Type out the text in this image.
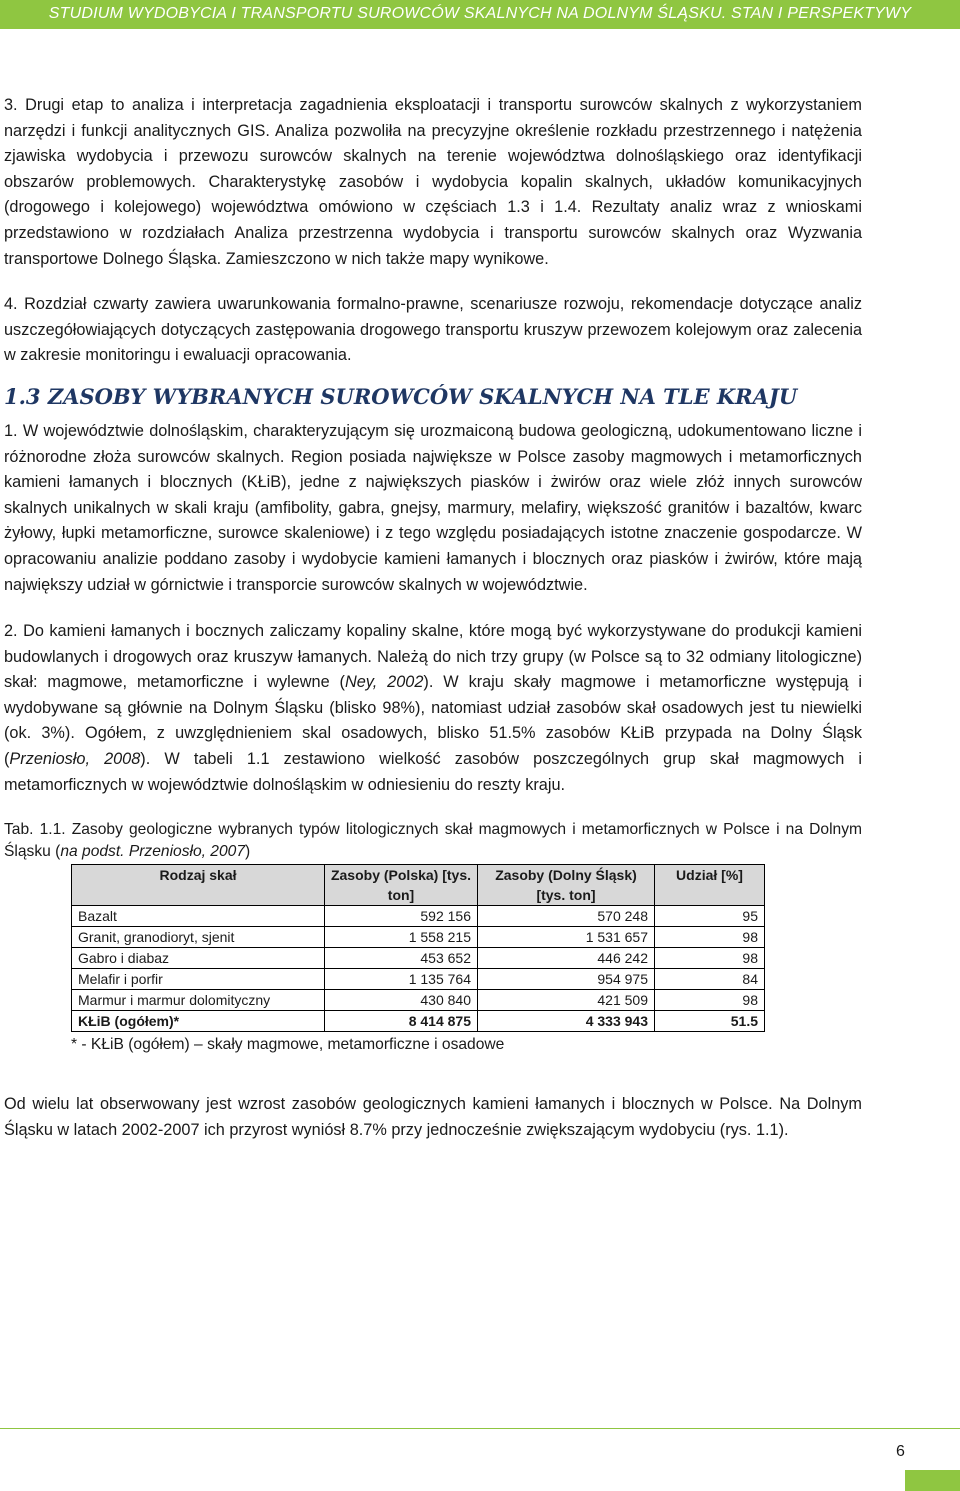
STUDIUM WYDOBYCIA I TRANSPORTU SUROWCÓW SKALNYCH NA DOLNYM ŚLĄSKU. STAN I PERSPEKTYWY

3. Drugi etap to analiza i interpretacja zagadnienia eksploatacji i transportu surowców skalnych z wykorzystaniem narzędzi i funkcji analitycznych GIS. Analiza pozwoliła na precyzyjne określenie rozkładu przestrzennego i natężenia zjawiska wydobycia i przewozu surowców skalnych na terenie województwa dolnośląskiego oraz identyfikacji obszarów problemowych. Charakterystykę zasobów i wydobycia kopalin skalnych, układów komunikacyjnych (drogowego i kolejowego) województwa omówiono w częściach 1.3 i 1.4. Rezultaty analiz wraz z wnioskami przedstawiono w rozdziałach Analiza przestrzenna wydobycia i transportu surowców skalnych oraz Wyzwania transportowe Dolnego Śląska. Zamieszczono w nich także mapy wynikowe.

4. Rozdział czwarty zawiera uwarunkowania formalno-prawne, scenariusze rozwoju, rekomendacje dotyczące analiz uszczegółowiających dotyczących zastępowania drogowego transportu kruszyw przewozem kolejowym oraz zalecenia w zakresie monitoringu i ewaluacji opracowania.

1.3 ZASOBY WYBRANYCH SUROWCÓW SKALNYCH NA TLE KRAJU

1. W województwie dolnośląskim, charakteryzującym się urozmaiconą budowa geologiczną, udokumentowano liczne i różnorodne złoża surowców skalnych. Region posiada największe w Polsce zasoby magmowych i metamorficznych kamieni łamanych i blocznych (KŁiB), jedne z największych piasków i żwirów oraz wiele złóż innych surowców skalnych unikalnych w skali kraju (amfibolity, gabra, gnejsy, marmury, melafiry, większość granitów i bazaltów, kwarc żyłowy, łupki metamorficzne, surowce skaleniowe) i z tego względu posiadających istotne znaczenie gospodarcze. W opracowaniu analizie poddano zasoby i wydobycie kamieni łamanych i blocznych oraz piasków i żwirów, które mają największy udział w górnictwie i transporcie surowców skalnych w województwie.

2. Do kamieni łamanych i bocznych zaliczamy kopaliny skalne, które mogą być wykorzystywane do produkcji kamieni budowlanych i drogowych oraz kruszyw łamanych. Należą do nich trzy grupy (w Polsce są to 32 odmiany litologiczne) skał: magmowe, metamorficzne i wylewne (Ney, 2002). W kraju skały magmowe i metamorficzne występują i wydobywane są głównie na Dolnym Śląsku (blisko 98%), natomiast udział zasobów skał osadowych jest tu niewielki (ok. 3%). Ogółem, z uwzględnieniem skal osadowych, blisko 51.5% zasobów KŁiB przypada na Dolny Śląsk (Przeniosło, 2008). W tabeli 1.1 zestawiono wielkość zasobów poszczególnych grup skał magmowych i metamorficznych w województwie dolnośląskim w odniesieniu do reszty kraju.

Tab. 1.1. Zasoby geologiczne wybranych typów litologicznych skał magmowych i metamorficznych w Polsce i na Dolnym Śląsku (na podst. Przeniosło, 2007)

Rodzaj skał	Zasoby (Polska) [tys. ton]	Zasoby (Dolny Śląsk) [tys. ton]	Udział [%]
Bazalt	592 156	570 248	95
Granit, granodioryt, sjenit	1 558 215	1 531 657	98
Gabro i diabaz	453 652	446 242	98
Melafir i porfir	1 135 764	954 975	84
Marmur i marmur dolomityczny	430 840	421 509	98
KŁiB (ogółem)*	8 414 875	4 333 943	51.5
* - KŁiB (ogółem) – skały magmowe, metamorficzne i osadowe

Od wielu lat obserwowany jest wzrost zasobów geologicznych kamieni łamanych i blocznych w Polsce. Na Dolnym Śląsku w latach 2002-2007 ich przyrost wyniósł 8.7% przy jednocześnie zwiększającym wydobyciu (rys. 1.1).

6
